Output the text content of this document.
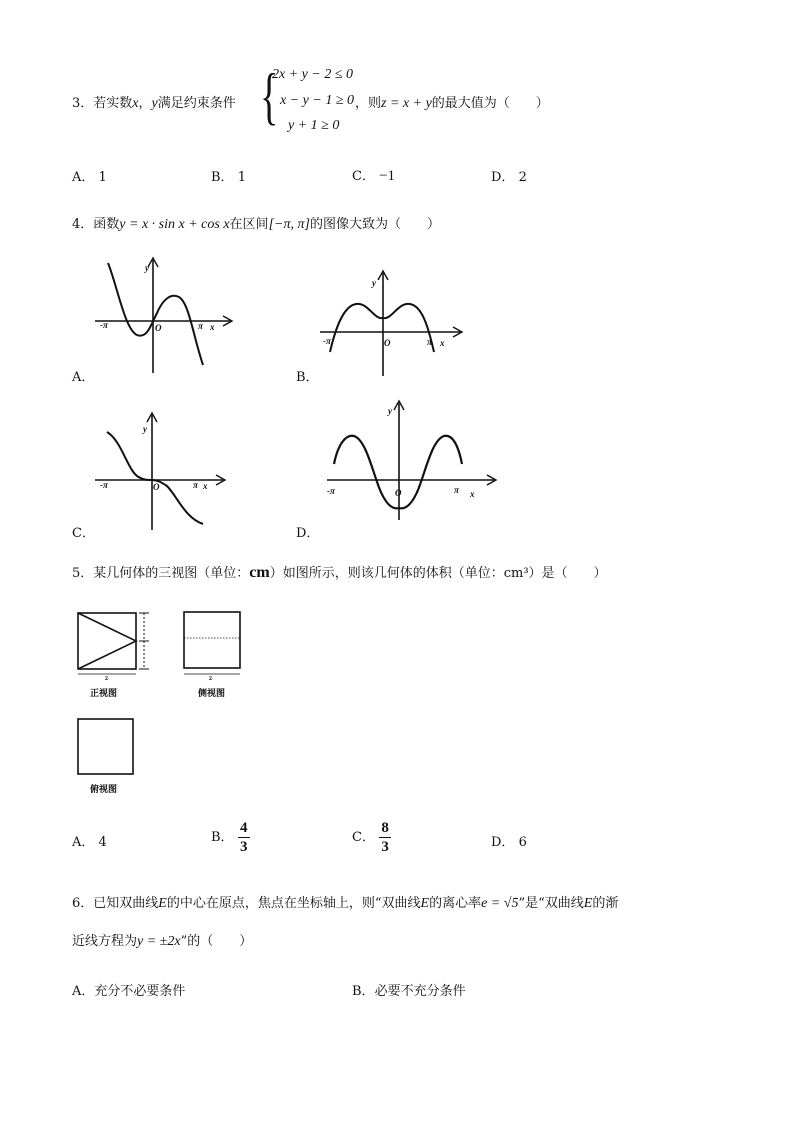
3．若实数x，y满足约束条件 {
2x + y − 2 ≤ 0
x − y − 1 ≥ 0
y + 1 ≥ 0
，则z = x + y的最大值为（　　）
A． 1	B． 1	C． −1	D． 2
4．函数y = x · sin x + cos x在区间[−π, π]的图像大致为（　　）
-π	O	π x
y
A．
-π	O	π x
y
B．
-π	O	π x
y
C．
-π	O	π x
y
D．
5．某几何体的三视图（单位：cm）如图所示，则该几何体的体积（单位：cm³）是（　　）
2
正视图
2
侧视图
俯视图
A． 4	B． $\frac{4}{3}$	C． $\frac{8}{3}$	D． 6
6．已知双曲线E的中心在原点，焦点在坐标轴上，则“双曲线E的离心率e = √5”是“双曲线E的渐
近线方程为y = ±2x”的（　　）
A．充分不必要条件	B．必要不充分条件
